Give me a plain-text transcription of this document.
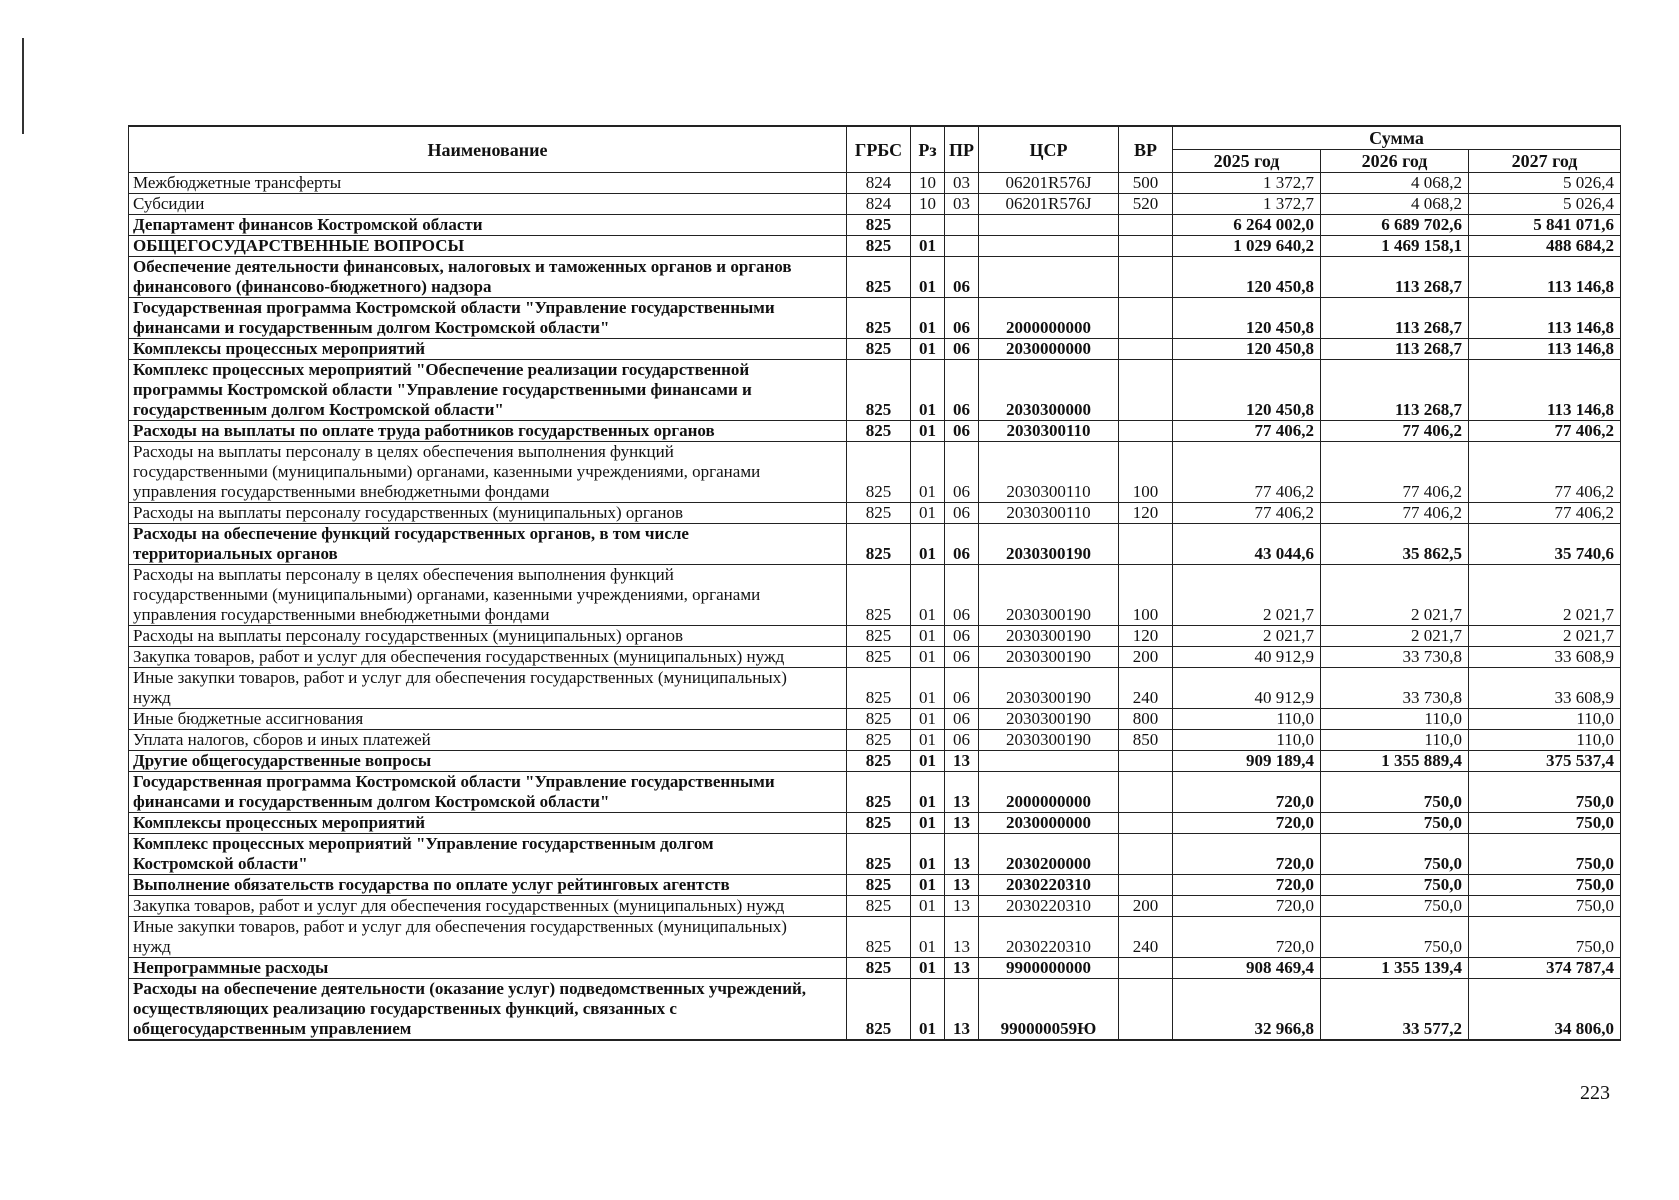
Наименование	ГРБС	Рз	ПР	ЦСР	ВР	Сумма		
						2025 год	2026 год	2027 год
Межбюджетные трансферты	824	10	03	06201R576J	500	1 372,7	4 068,2	5 026,4
Субсидии	824	10	03	06201R576J	520	1 372,7	4 068,2	5 026,4
Департамент финансов Костромской области	825					6 264 002,0	6 689 702,6	5 841 071,6
ОБЩЕГОСУДАРСТВЕННЫЕ ВОПРОСЫ	825	01				1 029 640,2	1 469 158,1	488 684,2
Обеспечение деятельности финансовых, налоговых и таможенных органов и органов
финансового (финансово-бюджетного) надзора	825	01	06			120 450,8	113 268,7	113 146,8
Государственная программа Костромской области "Управление государственными
финансами и государственным долгом Костромской области"	825	01	06	2000000000		120 450,8	113 268,7	113 146,8
Комплексы процессных мероприятий	825	01	06	2030000000		120 450,8	113 268,7	113 146,8
Комплекс процессных мероприятий "Обеспечение реализации государственной
программы Костромской области "Управление государственными финансами и
государственным долгом Костромской области"	825	01	06	2030300000		120 450,8	113 268,7	113 146,8
Расходы на выплаты по оплате труда работников государственных органов	825	01	06	2030300110		77 406,2	77 406,2	77 406,2
Расходы на выплаты персоналу в целях обеспечения выполнения функций
государственными (муниципальными) органами, казенными учреждениями, органами
управления государственными внебюджетными фондами	825	01	06	2030300110	100	77 406,2	77 406,2	77 406,2
Расходы на выплаты персоналу государственных (муниципальных) органов	825	01	06	2030300110	120	77 406,2	77 406,2	77 406,2
Расходы на обеспечение функций государственных органов, в том числе
территориальных органов	825	01	06	2030300190		43 044,6	35 862,5	35 740,6
Расходы на выплаты персоналу в целях обеспечения выполнения функций
государственными (муниципальными) органами, казенными учреждениями, органами
управления государственными внебюджетными фондами	825	01	06	2030300190	100	2 021,7	2 021,7	2 021,7
Расходы на выплаты персоналу государственных (муниципальных) органов	825	01	06	2030300190	120	2 021,7	2 021,7	2 021,7
Закупка товаров, работ и услуг для обеспечения государственных (муниципальных) нужд	825	01	06	2030300190	200	40 912,9	33 730,8	33 608,9
Иные закупки товаров, работ и услуг для обеспечения государственных (муниципальных)
нужд	825	01	06	2030300190	240	40 912,9	33 730,8	33 608,9
Иные бюджетные ассигнования	825	01	06	2030300190	800	110,0	110,0	110,0
Уплата налогов, сборов и иных платежей	825	01	06	2030300190	850	110,0	110,0	110,0
Другие общегосударственные вопросы	825	01	13			909 189,4	1 355 889,4	375 537,4
Государственная программа Костромской области "Управление государственными
финансами и государственным долгом Костромской области"	825	01	13	2000000000		720,0	750,0	750,0
Комплексы процессных мероприятий	825	01	13	2030000000		720,0	750,0	750,0
Комплекс процессных мероприятий "Управление государственным долгом
Костромской области"	825	01	13	2030200000		720,0	750,0	750,0
Выполнение обязательств государства по оплате услуг рейтинговых агентств	825	01	13	2030220310		720,0	750,0	750,0
Закупка товаров, работ и услуг для обеспечения государственных (муниципальных) нужд	825	01	13	2030220310	200	720,0	750,0	750,0
Иные закупки товаров, работ и услуг для обеспечения государственных (муниципальных)
нужд	825	01	13	2030220310	240	720,0	750,0	750,0
Непрограммные расходы	825	01	13	9900000000		908 469,4	1 355 139,4	374 787,4
Расходы на обеспечение деятельности (оказание услуг) подведомственных учреждений,
осуществляющих реализацию государственных функций, связанных с
общегосударственным управлением	825	01	13	990000059Ю		32 966,8	33 577,2	34 806,0
223
